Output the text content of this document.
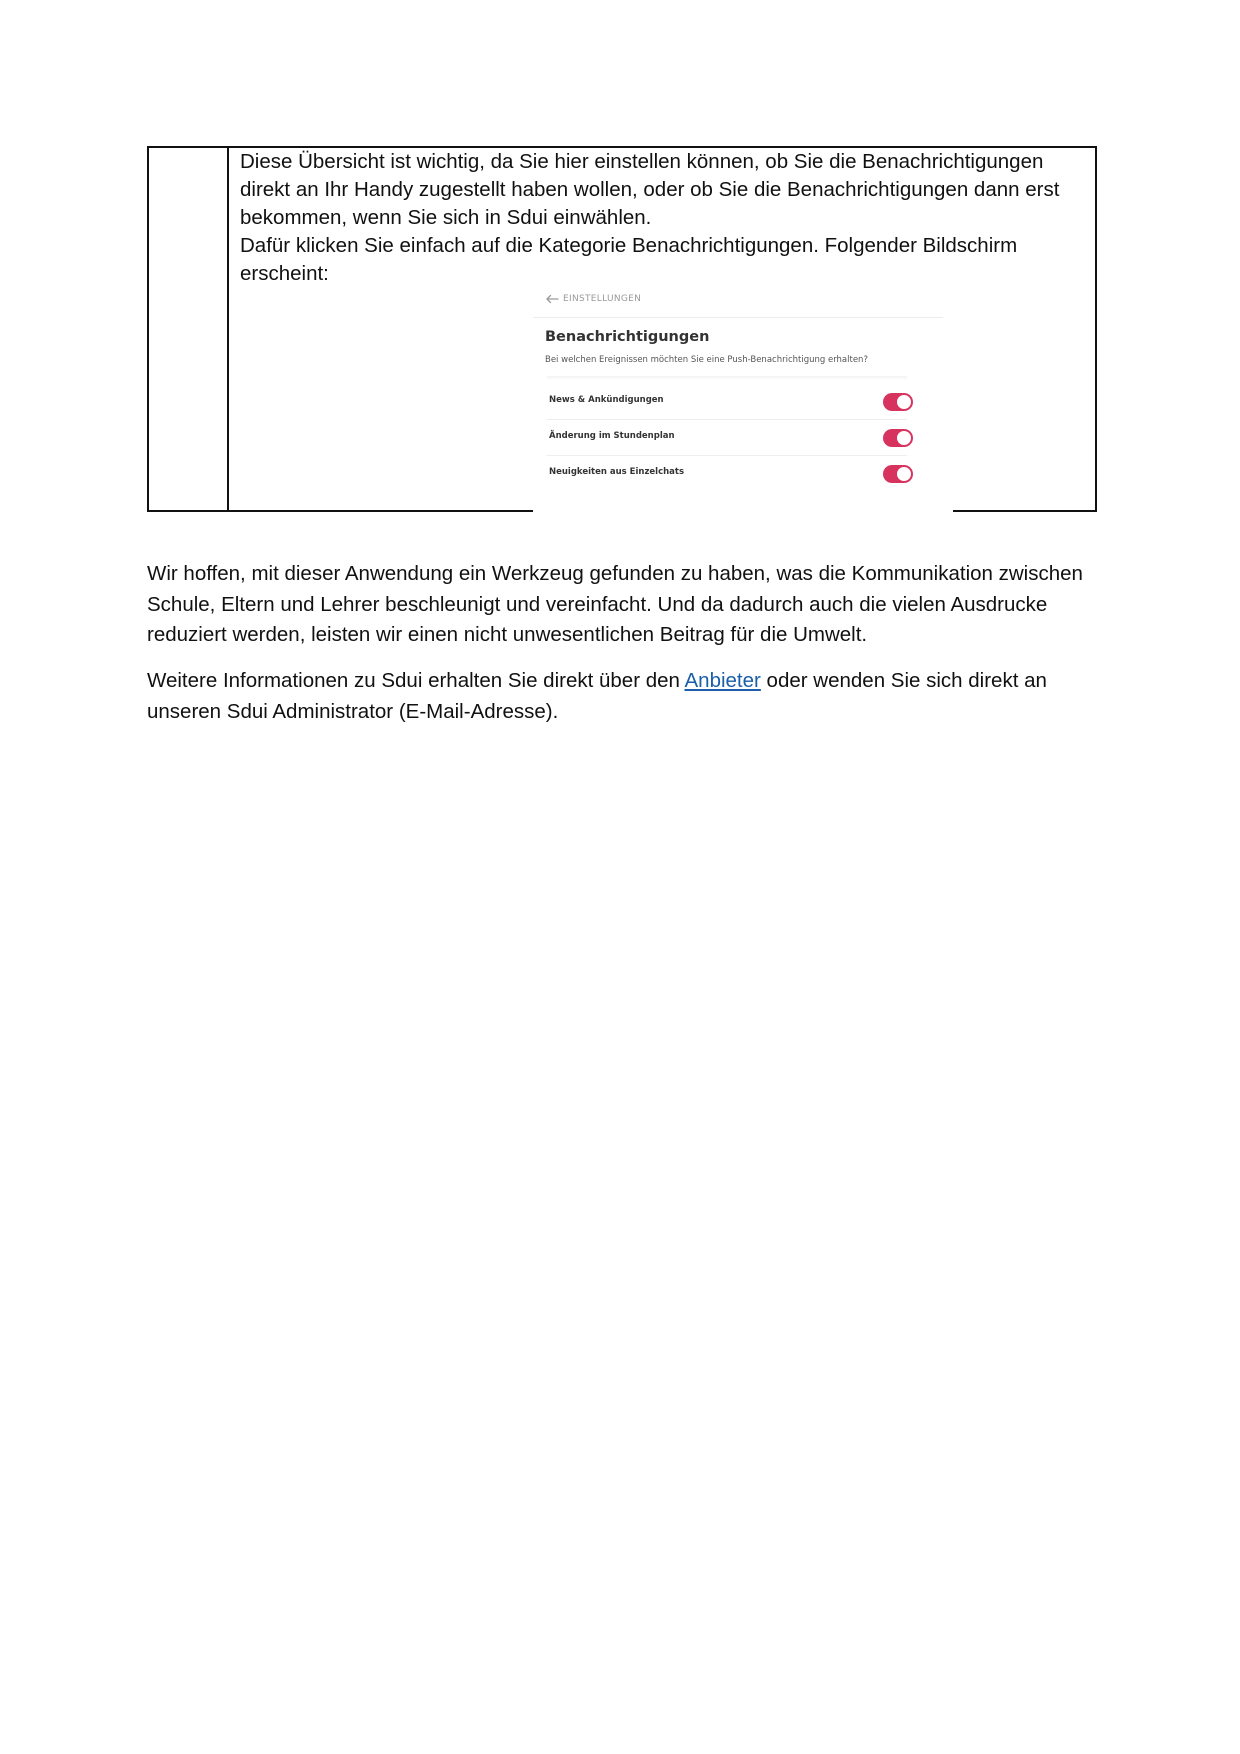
Diese Übersicht ist wichtig, da Sie hier einstellen können, ob Sie die Benachrichtigungen direkt an Ihr Handy zugestellt haben wollen, oder ob Sie die Benachrichtigungen dann erst bekommen, wenn Sie sich in Sdui einwählen.

Dafür klicken Sie einfach auf die Kategorie Benachrichtigungen. Folgender Bildschirm erscheint:

EINSTELLUNGEN
Benachrichtigungen
Bei welchen Ereignissen möchten Sie eine Push-Benachrichtigung erhalten?
News & Ankündigungen
Änderung im Stundenplan
Neuigkeiten aus Einzelchats

Wir hoffen, mit dieser Anwendung ein Werkzeug gefunden zu haben, was die Kommunikation zwischen Schule, Eltern und Lehrer beschleunigt und vereinfacht. Und da dadurch auch die vielen Ausdrucke reduziert werden, leisten wir einen nicht unwesentlichen Beitrag für die Umwelt.

Weitere Informationen zu Sdui erhalten Sie direkt über den Anbieter oder wenden Sie sich direkt an unseren Sdui Administrator (E-Mail-Adresse).
